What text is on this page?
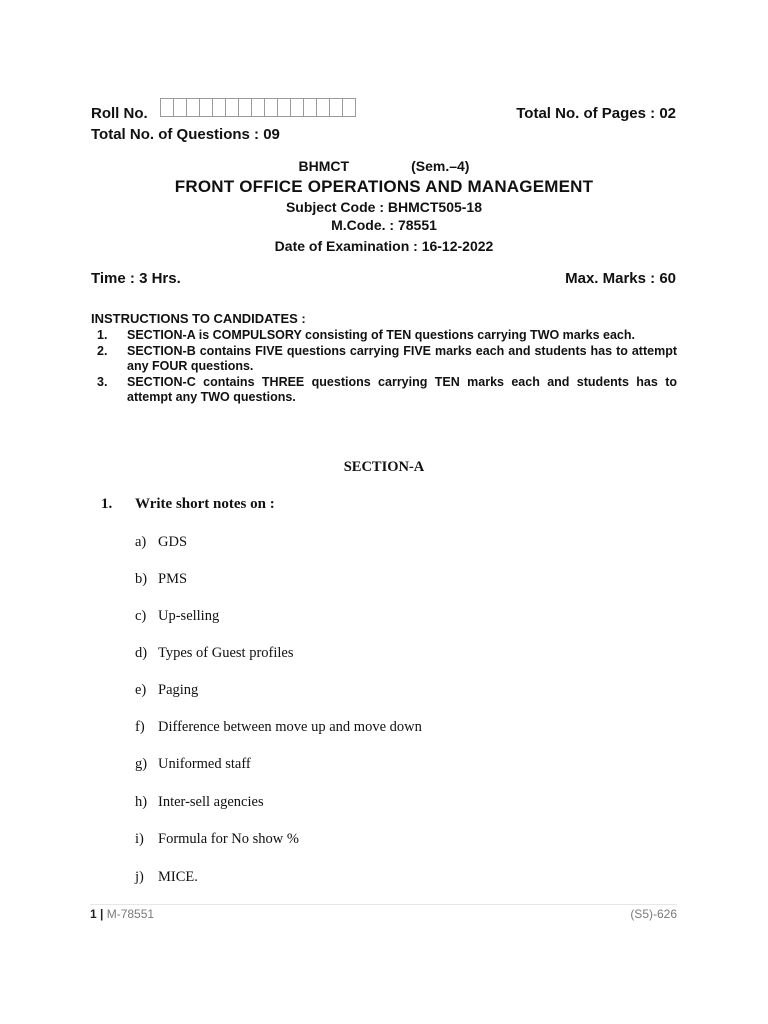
Roll No.	Total No. of Pages : 02
Total No. of Questions : 09
BHMCT	(Sem.–4)
FRONT OFFICE OPERATIONS AND MANAGEMENT
Subject Code : BHMCT505-18
M.Code. : 78551
Date of Examination : 16-12-2022
Time : 3 Hrs.	Max. Marks : 60
INSTRUCTIONS TO CANDIDATES :
1.	SECTION-A is COMPULSORY consisting of TEN questions carrying TWO marks each.
2.	SECTION-B contains FIVE questions carrying FIVE marks each and students has to attempt any FOUR questions.
3.	SECTION-C contains THREE questions carrying TEN marks each and students has to attempt any TWO questions.
SECTION-A
1. Write short notes on :
a) GDS
b) PMS
c) Up-selling
d) Types of Guest profiles
e) Paging
f) Difference between move up and move down
g) Uniformed staff
h) Inter-sell agencies
i) Formula for No show %
j) MICE.
1 | M-78551	(S5)-626
